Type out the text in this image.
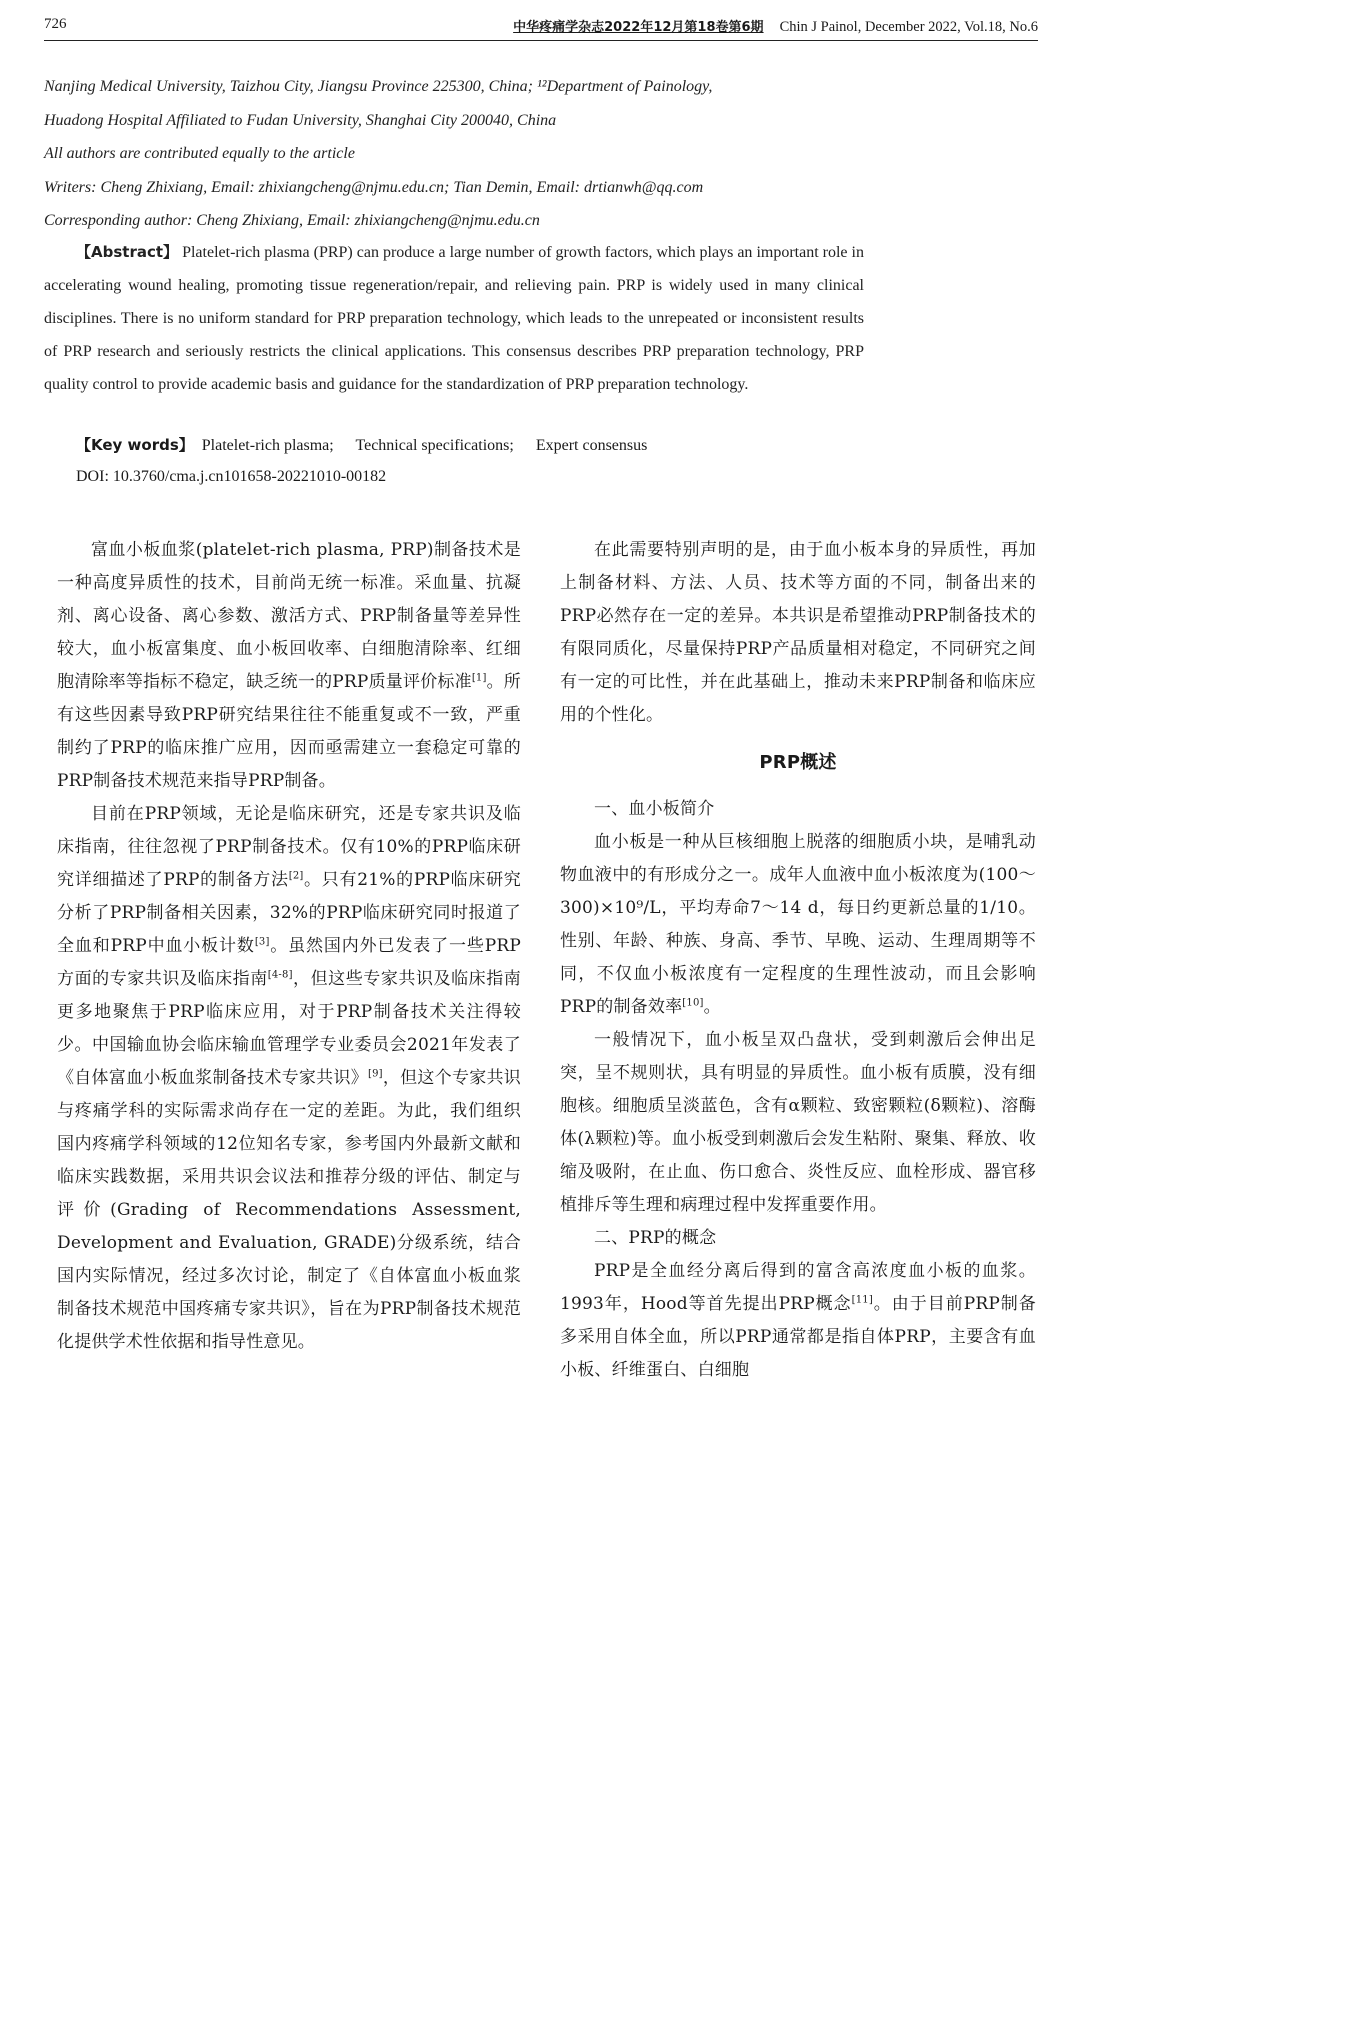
726	中华疼痛学杂志2022年12月第18卷第6期 Chin J Painol, December 2022, Vol.18, No.6
Nanjing Medical University, Taizhou City, Jiangsu Province 225300, China; ¹²Department of Painology,
Huadong Hospital Affiliated to Fudan University, Shanghai City 200040, China
All authors are contributed equally to the article
Writers: Cheng Zhixiang, Email: zhixiangcheng@njmu.edu.cn; Tian Demin, Email: drtianwh@qq.com
Corresponding author: Cheng Zhixiang, Email: zhixiangcheng@njmu.edu.cn
【Abstract】 Platelet-rich plasma (PRP) can produce a large number of growth factors, which plays an important role in accelerating wound healing, promoting tissue regeneration/repair, and relieving pain. PRP is widely used in many clinical disciplines. There is no uniform standard for PRP preparation technology, which leads to the unrepeated or inconsistent results of PRP research and seriously restricts the clinical applications. This consensus describes PRP preparation technology, PRP quality control to provide academic basis and guidance for the standardization of PRP preparation technology.
【Key words】 Platelet-rich plasma; Technical specifications; Expert consensus
DOI: 10.3760/cma.j.cn101658-20221010-00182

富血小板血浆(platelet-rich plasma, PRP)制备技术是一种高度异质性的技术，目前尚无统一标准。采血量、抗凝剂、离心设备、离心参数、激活方式、PRP制备量等差异性较大，血小板富集度、血小板回收率、白细胞清除率、红细胞清除率等指标不稳定，缺乏统一的PRP质量评价标准[1]。所有这些因素导致PRP研究结果往往不能重复或不一致，严重制约了PRP的临床推广应用，因而亟需建立一套稳定可靠的PRP制备技术规范来指导PRP制备。

目前在PRP领域，无论是临床研究，还是专家共识及临床指南，往往忽视了PRP制备技术。仅有10%的PRP临床研究详细描述了PRP的制备方法[2]。只有21%的PRP临床研究分析了PRP制备相关因素，32%的PRP临床研究同时报道了全血和PRP中血小板计数[3]。虽然国内外已发表了一些PRP方面的专家共识及临床指南[4-8]，但这些专家共识及临床指南更多地聚焦于PRP临床应用，对于PRP制备技术关注得较少。中国输血协会临床输血管理学专业委员会2021年发表了《自体富血小板血浆制备技术专家共识》[9]，但这个专家共识与疼痛学科的实际需求尚存在一定的差距。为此，我们组织国内疼痛学科领域的12位知名专家，参考国内外最新文献和临床实践数据，采用共识会议法和推荐分级的评估、制定与评价(Grading of Recommendations Assessment, Development and Evaluation, GRADE)分级系统，结合国内实际情况，经过多次讨论，制定了《自体富血小板血浆制备技术规范中国疼痛专家共识》，旨在为PRP制备技术规范化提供学术性依据和指导性意见。

在此需要特别声明的是，由于血小板本身的异质性，再加上制备材料、方法、人员、技术等方面的不同，制备出来的PRP必然存在一定的差异。本共识是希望推动PRP制备技术的有限同质化，尽量保持PRP产品质量相对稳定，不同研究之间有一定的可比性，并在此基础上，推动未来PRP制备和临床应用的个性化。

PRP概述

一、血小板简介

血小板是一种从巨核细胞上脱落的细胞质小块，是哺乳动物血液中的有形成分之一。成年人血液中血小板浓度为(100～300)×10⁹/L，平均寿命7～14 d，每日约更新总量的1/10。性别、年龄、种族、身高、季节、早晚、运动、生理周期等不同，不仅血小板浓度有一定程度的生理性波动，而且会影响PRP的制备效率[10]。

一般情况下，血小板呈双凸盘状，受到刺激后会伸出足突，呈不规则状，具有明显的异质性。血小板有质膜，没有细胞核。细胞质呈淡蓝色，含有α颗粒、致密颗粒(δ颗粒)、溶酶体(λ颗粒)等。血小板受到刺激后会发生粘附、聚集、释放、收缩及吸附，在止血、伤口愈合、炎性反应、血栓形成、器官移植排斥等生理和病理过程中发挥重要作用。

二、PRP的概念

PRP是全血经分离后得到的富含高浓度血小板的血浆。1993年，Hood等首先提出PRP概念[11]。由于目前PRP制备多采用自体全血，所以PRP通常都是指自体PRP，主要含有血小板、纤维蛋白、白细胞
